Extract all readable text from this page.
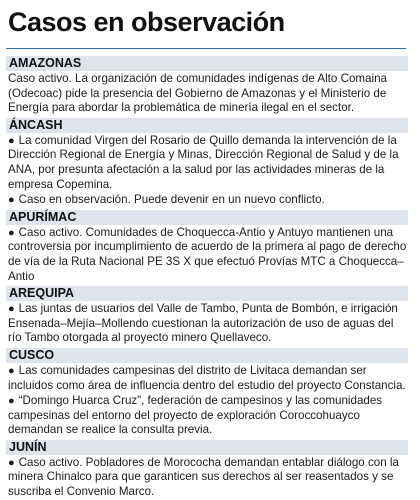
Casos en observación
AMAZONAS
Caso activo. La organización de comunidades indígenas de Alto Comaina (Odecoac) pide la presencia del Gobierno de Amazonas y el Ministerio de Energía para abordar la problemática de minería ilegal en el sector.
ÁNCASH
● La comunidad Virgen del Rosario de Quillo demanda la intervención de la Dirección Regional de Energía y Minas, Dirección Regional de Salud y de la ANA, por presunta afectación a la salud por las actividades mineras de la empresa Copemina.
● Caso en observación. Puede devenir en un nuevo conflicto.
APURÍMAC
● Caso activo. Comunidades de Choquecca-Antio y Antuyo mantienen una controversia por incumplimiento de acuerdo de la primera al pago de derecho de vía de la Ruta Nacional PE 3S X que efectuó Provías MTC a Choquecca– Antio
AREQUIPA
● Las juntas de usuarios del Valle de Tambo, Punta de Bombón, e irrigación Ensenada–Mejía–Mollendo cuestionan la autorización de uso de aguas del río Tambo otorgada al proyecto minero Quellaveco.
CUSCO
● Las comunidades campesinas del distrito de Livitaca demandan ser incluidos como área de influencia dentro del estudio del proyecto Constancia.
● “Domingo Huarca Cruz”, federación de campesinos y las comunidades campesinas del entorno del proyecto de exploración Coroccohuayco demandan se realice la consulta previa.
JUNÍN
● Caso activo. Pobladores de Morococha demandan entablar diálogo con la minera Chinalco para que garanticen sus derechos al ser reasentados y se suscriba el Convenio Marco.
